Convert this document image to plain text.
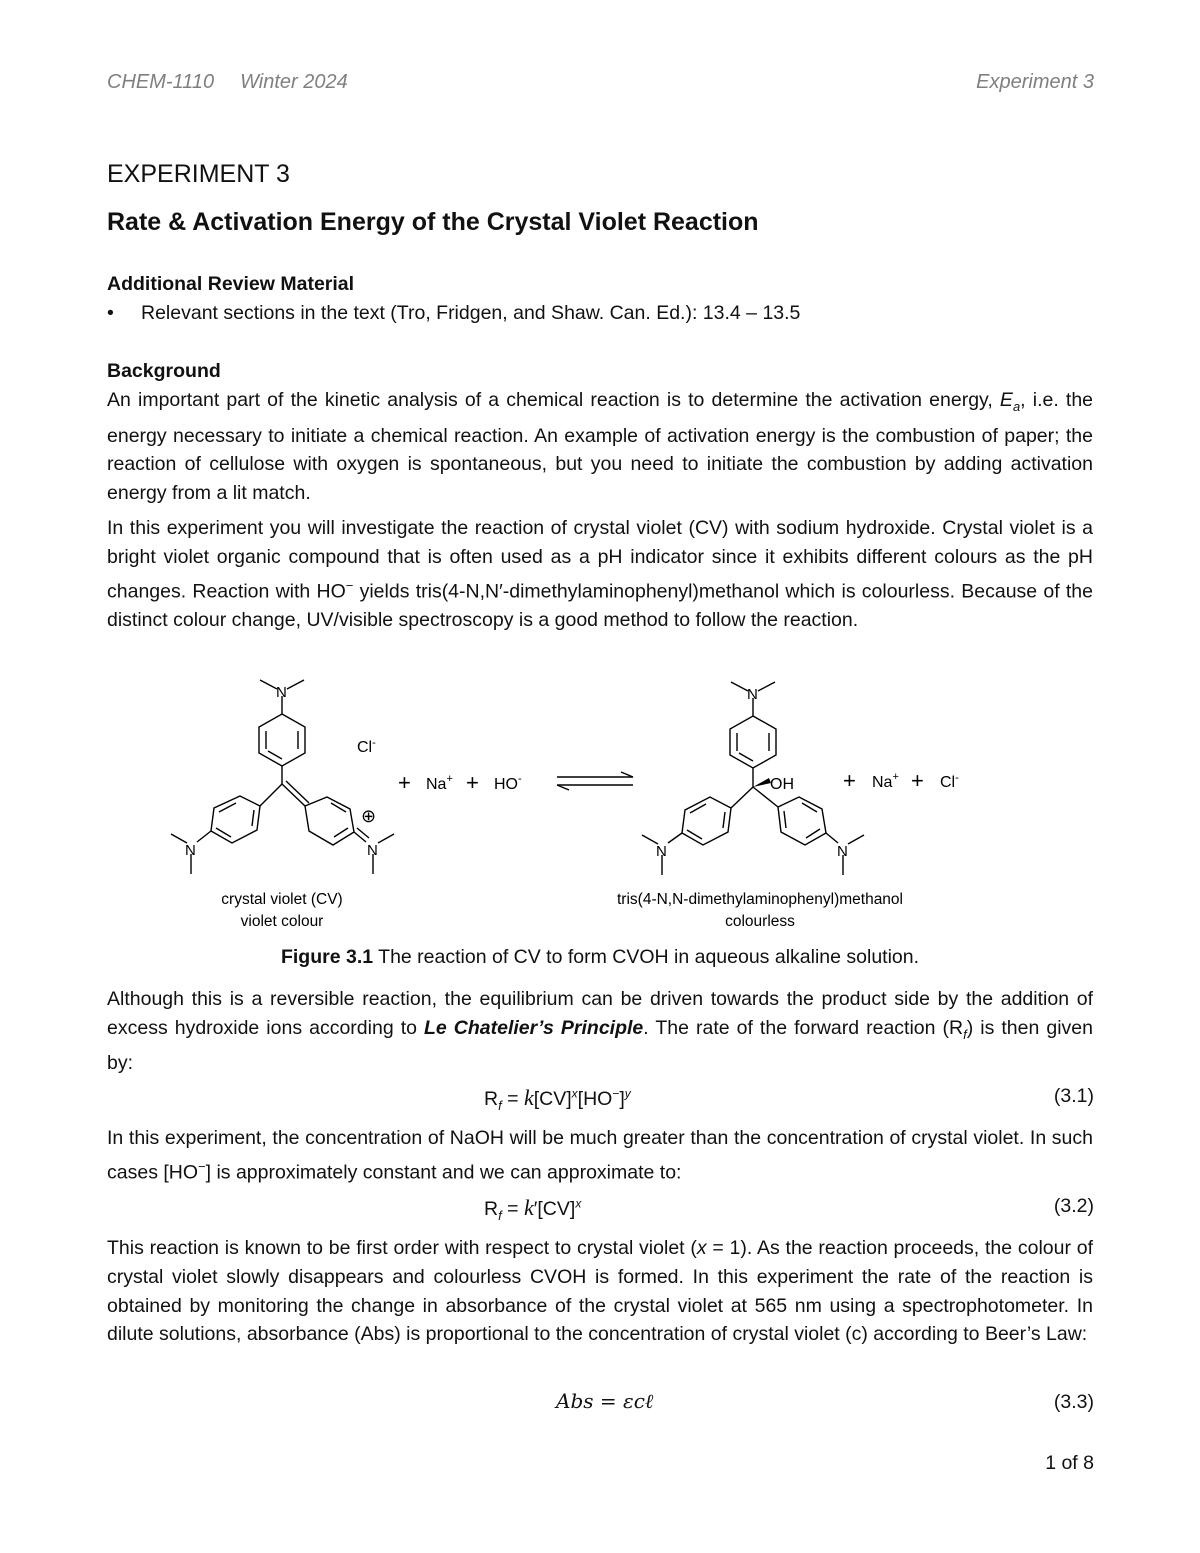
CHEM-1110 Winter 2024	Experiment 3
EXPERIMENT 3
Rate & Activation Energy of the Crystal Violet Reaction
Additional Review Material
• Relevant sections in the text (Tro, Fridgen, and Shaw. Can. Ed.): 13.4 – 13.5
Background

An important part of the kinetic analysis of a chemical reaction is to determine the activation energy, $E_a$, i.e. the energy necessary to initiate a chemical reaction. An example of activation energy is the combustion of paper; the reaction of cellulose with oxygen is spontaneous, but you need to initiate the combustion by adding activation energy from a lit match.

In this experiment you will investigate the reaction of crystal violet (CV) with sodium hydroxide. Crystal violet is a bright violet organic compound that is often used as a pH indicator since it exhibits different colours as the pH changes. Reaction with HO− yields tris(4-N,N′-dimethylaminophenyl)methanol which is colourless. Because of the distinct colour change, UV/visible spectroscopy is a good method to follow the reaction.

N
N	N
⊕
Cl-
+ Na+ + HO-
N
N	N
OH + Na+ + Cl-
crystal violet (CV)
violet colour
tris(4-N,N-dimethylaminophenyl)methanol
colourless
Figure 3.1 The reaction of CV to form CVOH in aqueous alkaline solution.

Although this is a reversible reaction, the equilibrium can be driven towards the product side by the addition of excess hydroxide ions according to Le Chatelier’s Principle. The rate of the forward reaction $(R_f)$ is then given by:

$R_f = k[CV]^x[HO^-]^y$	(3.1)

In this experiment, the concentration of NaOH will be much greater than the concentration of crystal violet. In such cases [HO−] is approximately constant and we can approximate to:

$R_f = k'[CV]^x$	(3.2)

This reaction is known to be first order with respect to crystal violet (x = 1). As the reaction proceeds, the colour of crystal violet slowly disappears and colourless CVOH is formed. In this experiment the rate of the reaction is obtained by monitoring the change in absorbance of the crystal violet at 565 nm using a spectrophotometer. In dilute solutions, absorbance (Abs) is proportional to the concentration of crystal violet (c) according to Beer’s Law:

Abs = εcℓ	(3.3)
1 of 8
